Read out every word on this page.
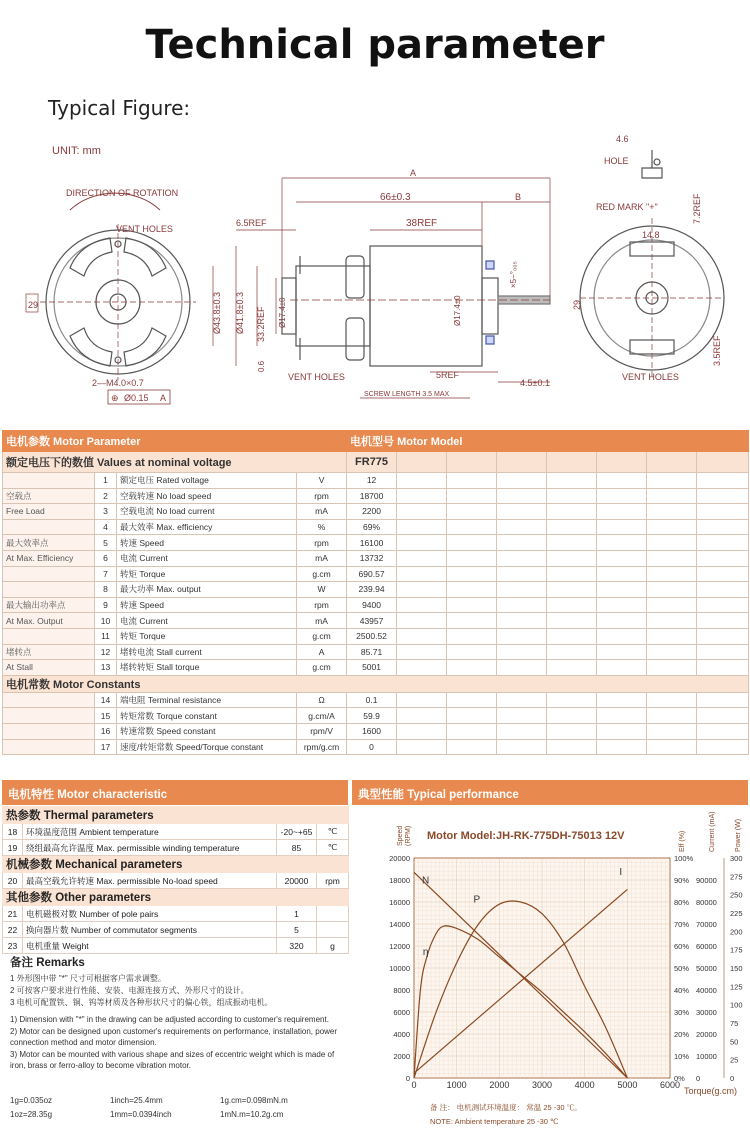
Technical parameter
Typical Figure:
UNIT: mm
DIRECTION OF ROTATION
VENT HOLES
29
2—M4.0×0.7
⊕ Ø0.15 A
A
B
66±0.3
6.5REF	38REF
Ø43.8±0.3 Ø41.8±0.3 33.2REF Ø17.4±0	Ø17.4±0
×5−°₀₀₅
0.6
VENT HOLES	5REF
4.5±0.1
SCREW LENGTH 3.5 MAX
4.6
HOLE
RED MARK "+"	7.2REF
14.8
29
3.5REF
VENT HOLES
电机参数 Motor Parameter				电机型号 Motor Model							
额定电压下的数值 Values at nominal voltage				FR775							
	1	额定电压 Rated voltage	V	12							
空载点	2	空载转速 No load speed	rpm	18700							
Free Load	3	空载电流 No load current	mA	2200							
	4	最大效率 Max. efficiency	%	69%							
最大效率点	5	转速 Speed	rpm	16100							
At Max. Efficiency	6	电流 Current	mA	13732							
	7	转矩 Torque	g.cm	690.57							
	8	最大功率 Max. output	W	239.94							
最大输出功率点	9	转速 Speed	rpm	9400							
At Max. Output	10	电流 Current	mA	43957							
	11	转矩 Torque	g.cm	2500.52							
堵转点	12	堵转电流 Stall current	A	85.71							
At Stall	13	堵转转矩 Stall torque	g.cm	5001							
电机常数 Motor Constants											
	14	端电阻 Terminal resistance	Ω	0.1							
	15	转矩常数 Torque constant	g.cm/A	59.9							
	16	转速常数 Speed constant	rpm/V	1600							
	17	速度/转矩常数 Speed/Torque constant	rpm/g.cm	0							
电机特性 Motor characteristic	典型性能 Typical performance
热参数 Thermal parameters			
18	环境温度范围 Ambient temperature	-20~+65	℃
19	绕组最高允许温度 Max. permissible winding temperature	85	℃
机械参数 Mechanical parameters			
20	最高空载允许转速 Max. permissible No-load speed	20000	rpm
其他参数 Other parameters			
21	电机磁极对数 Number of pole pairs	1	
22	换向器片数 Number of commutator segments	5	
23	电机重量 Weight	320	g
备注 Remarks

1 外形图中带 "*" 尺寸可根据客户需求调整。

2 可按客户要求进行性能、安装、电源连接方式、外形尺寸的设计。

3 电机可配置铁、铜、钨等材质及各种形状尺寸的偏心铁，组成振动电机。

1) Dimension with "*" in the drawing can be adjusted according to customer's requirement.

2) Motor can be designed upon customer's requirements on performance, installation, power connection method and motor dimension.

3) Motor can be mounted with various shape and sizes of eccentric weight which is made of iron, brass or ferro-alloy to become vibration motor.

1g=0.035oz	1inch=25.4mm	1g.cm=0.098mN.m
1oz=28.35g	1mm=0.0394inch	1mN.m=10.2g.cm
Motor Model:JH-RK-775DH-75013 12V
Speed (RPM)	Eff (%)	Current (mA)	Power (W)
0	1000	2000	3000	4000	5000	6000
0
2000
4000
6000
8000
10000
12000
14000
16000
18000
20000
0%
10%
20%
30%
40%
50%
60%
70%
80%
90%
100%
0
10000
20000
30000
40000
50000
60000
70000
80000
90000
0
25
50
75
100
125
150
175
200
225
250
275
300
N
I
P
η
Torque(g.cm)
备 注： 电机测试环境温度： 常温 25 -30 ℃。
NOTE: Ambient temperature 25 -30 ℃
